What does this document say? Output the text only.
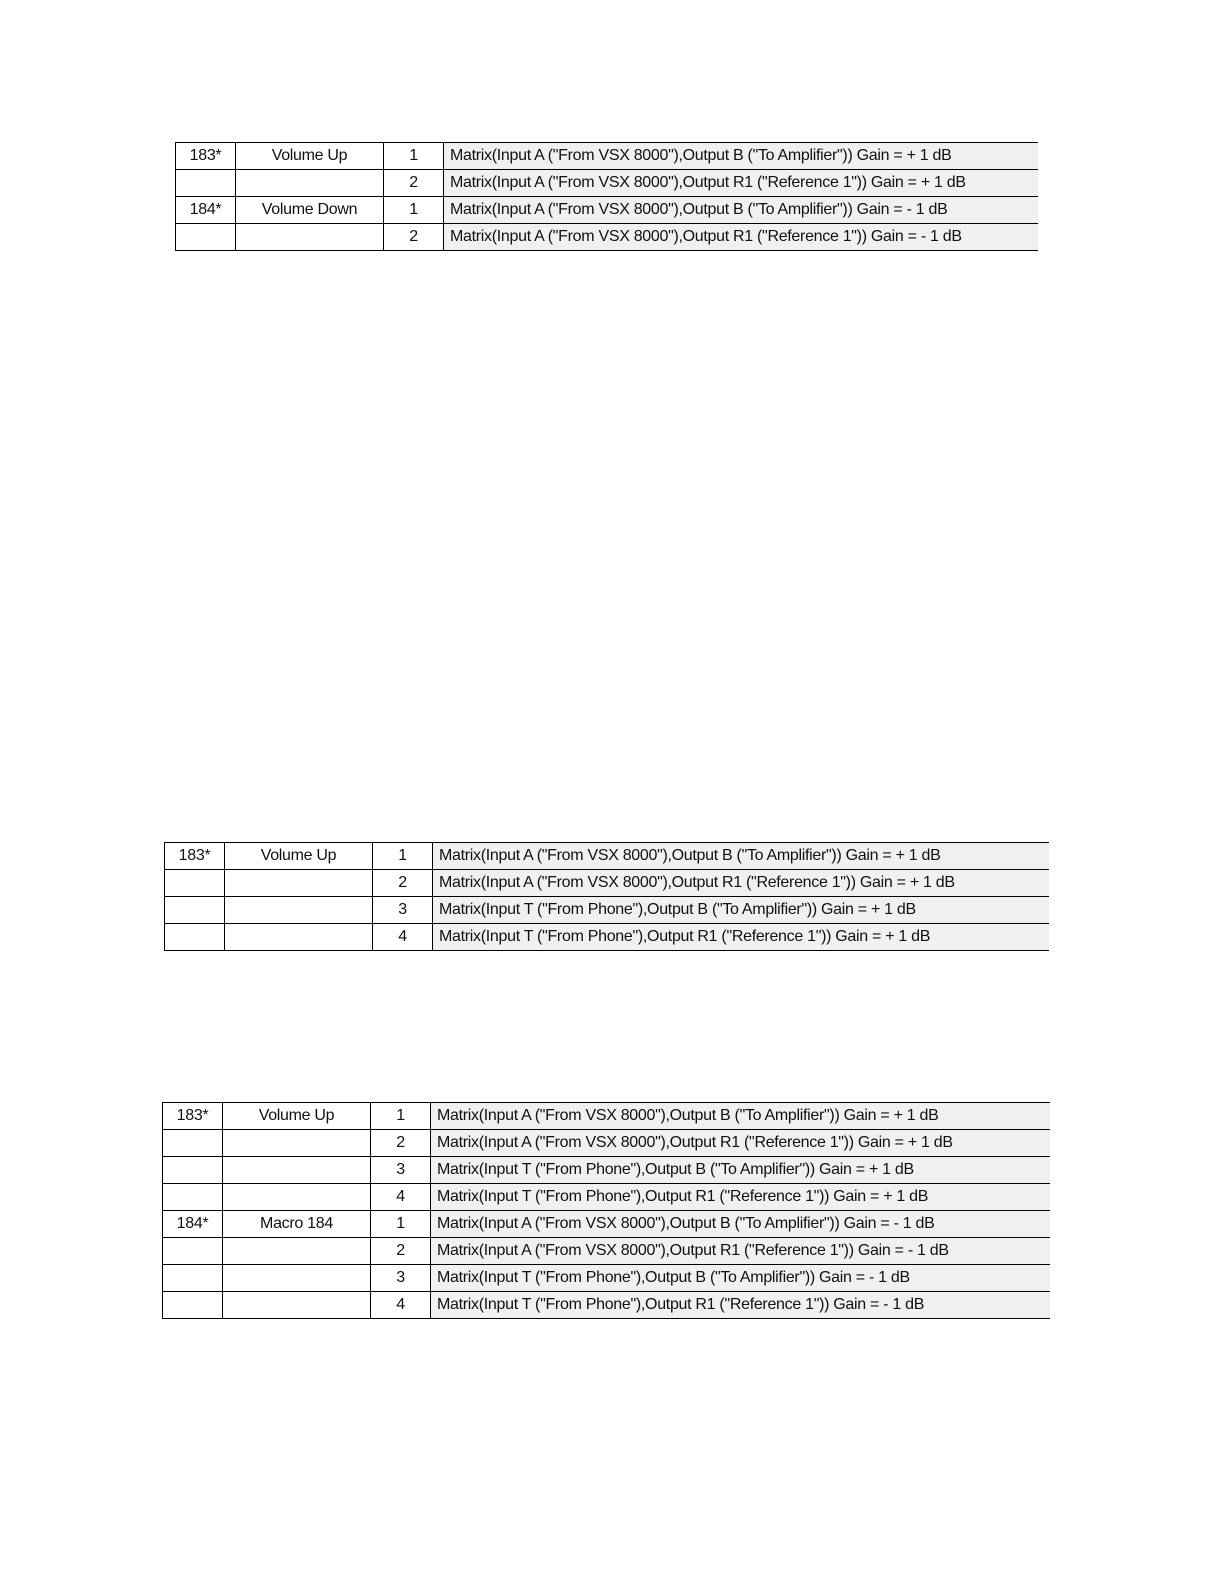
183*	Volume Up	1	Matrix(Input A ("From VSX 8000"),Output B ("To Amplifier")) Gain = + 1 dB
		2	Matrix(Input A ("From VSX 8000"),Output R1 ("Reference 1")) Gain = + 1 dB
184*	Volume Down	1	Matrix(Input A ("From VSX 8000"),Output B ("To Amplifier")) Gain = - 1 dB
		2	Matrix(Input A ("From VSX 8000"),Output R1 ("Reference 1")) Gain = - 1 dB
183*	Volume Up	1	Matrix(Input A ("From VSX 8000"),Output B ("To Amplifier")) Gain = + 1 dB
		2	Matrix(Input A ("From VSX 8000"),Output R1 ("Reference 1")) Gain = + 1 dB
		3	Matrix(Input T ("From Phone"),Output B ("To Amplifier")) Gain = + 1 dB
		4	Matrix(Input T ("From Phone"),Output R1 ("Reference 1")) Gain = + 1 dB
183*	Volume Up	1	Matrix(Input A ("From VSX 8000"),Output B ("To Amplifier")) Gain = + 1 dB
		2	Matrix(Input A ("From VSX 8000"),Output R1 ("Reference 1")) Gain = + 1 dB
		3	Matrix(Input T ("From Phone"),Output B ("To Amplifier")) Gain = + 1 dB
		4	Matrix(Input T ("From Phone"),Output R1 ("Reference 1")) Gain = + 1 dB
184*	Macro 184	1	Matrix(Input A ("From VSX 8000"),Output B ("To Amplifier")) Gain = - 1 dB
		2	Matrix(Input A ("From VSX 8000"),Output R1 ("Reference 1")) Gain = - 1 dB
		3	Matrix(Input T ("From Phone"),Output B ("To Amplifier")) Gain = - 1 dB
		4	Matrix(Input T ("From Phone"),Output R1 ("Reference 1")) Gain = - 1 dB
